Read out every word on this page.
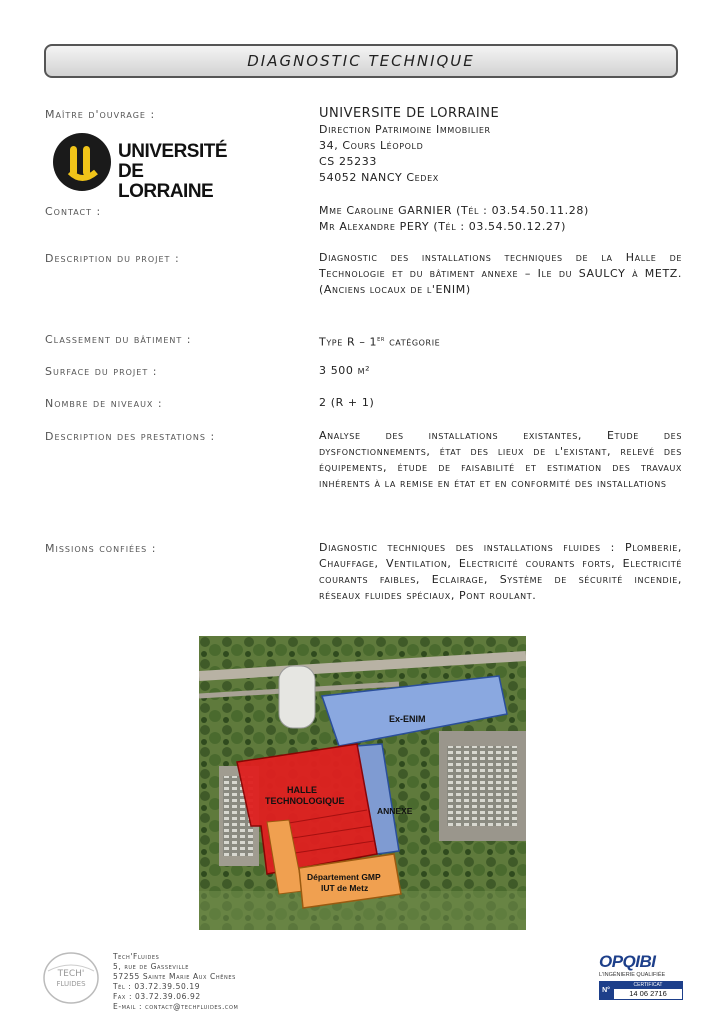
DIAGNOSTIC TECHNIQUE
Maître d'ouvrage :	UNIVERSITE DE LORRAINE
Direction Patrimoine Immobilier
34, Cours Léopold
CS 25233
54052 NANCY Cedex
UNIVERSITÉ
DE LORRAINE
Contact :	Mme Caroline GARNIER (Tél : 03.54.50.11.28)
Mr Alexandre PERY (Tél : 03.54.50.12.27)
Description du projet :	Diagnostic des installations techniques de la Halle de Technologie et du bâtiment annexe – Ile du SAULCY à METZ. (Anciens locaux de l'ENIM)
Classement du bâtiment :	Type R – 1er catégorie
Surface du projet :	3 500 m²
Nombre de niveaux :	2 (R + 1)
Description des prestations :	Analyse des installations existantes, Etude des dysfonctionnements, état des lieux de l'existant, relevé des équipements, étude de faisabilité et estimation des travaux inhérents à la remise en état et en conformité des installations
Missions confiées :	Diagnostic techniques des installations fluides : Plomberie, Chauffage, Ventilation, Electricité courants forts, Electricité courants faibles, Eclairage, Système de sécurité incendie, réseaux fluides spéciaux, Pont roulant.
Ex-ENIM
HALLE
TECHNOLOGIQUE
ANNEXE
Département GMP
IUT de Metz
TECH'
FLUIDES
Tech'Fluides
5, rue de Gasseville
57255 Sainte Marie Aux Chênes
Tél : 03.72.39.50.19
Fax : 03.72.39.06.92
E-mail : contact@techfluides.com
OPQIBI
L'INGÉNIERIE QUALIFIÉE
N°
CERTIFICAT
14 06 2716
